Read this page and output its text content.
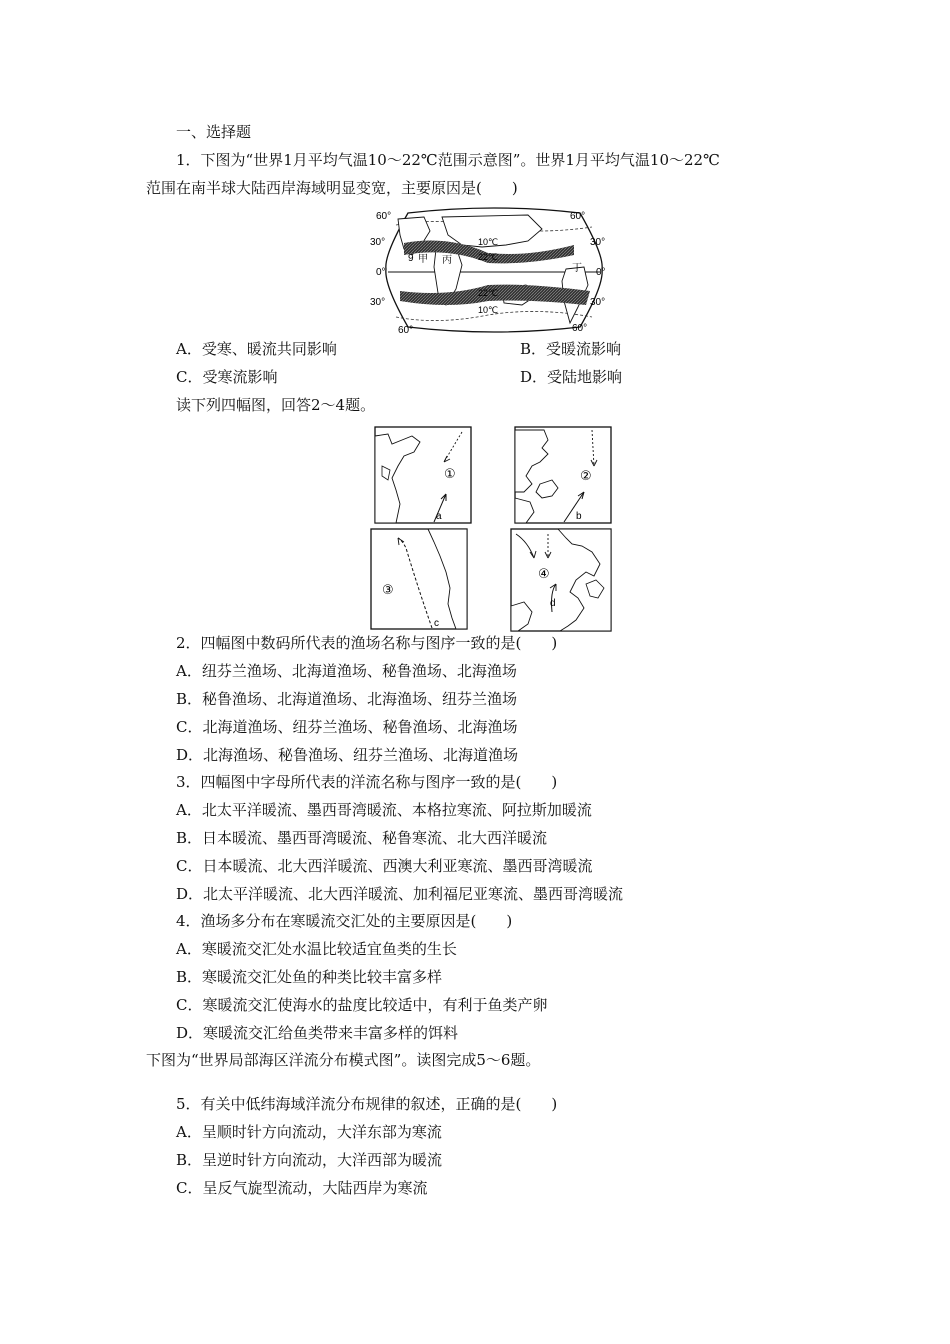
一、选择题
1．下图为“世界1月平均气温10～22℃范围示意图”。世界1月平均气温10～22℃
范围在南半球大陆西岸海域明显变宽，主要原因是(　　)
60°
30°
0°
30°
60°
60°
30°
0°
30°
60°
10℃
22℃
22℃
10℃
9 甲 丙
丁
A．受寒、暖流共同影响	B．受暖流影响
C．受寒流影响	D．受陆地影响
读下列四幅图，回答2～4题。
①
a
②
b
③
c
④
d
2．四幅图中数码所代表的渔场名称与图序一致的是(　　)
A．纽芬兰渔场、北海道渔场、秘鲁渔场、北海渔场
B．秘鲁渔场、北海道渔场、北海渔场、纽芬兰渔场
C．北海道渔场、纽芬兰渔场、秘鲁渔场、北海渔场
D．北海渔场、秘鲁渔场、纽芬兰渔场、北海道渔场
3．四幅图中字母所代表的洋流名称与图序一致的是(　　)
A．北太平洋暖流、墨西哥湾暖流、本格拉寒流、阿拉斯加暖流
B．日本暖流、墨西哥湾暖流、秘鲁寒流、北大西洋暖流
C．日本暖流、北大西洋暖流、西澳大利亚寒流、墨西哥湾暖流
D．北太平洋暖流、北大西洋暖流、加利福尼亚寒流、墨西哥湾暖流
4．渔场多分布在寒暖流交汇处的主要原因是(　　)
A．寒暖流交汇处水温比较适宜鱼类的生长
B．寒暖流交汇处鱼的种类比较丰富多样
C．寒暖流交汇使海水的盐度比较适中，有利于鱼类产卵
D．寒暖流交汇给鱼类带来丰富多样的饵料
下图为“世界局部海区洋流分布模式图”。读图完成5～6题。
5．有关中低纬海域洋流分布规律的叙述，正确的是(　　)
A．呈顺时针方向流动，大洋东部为寒流
B．呈逆时针方向流动，大洋西部为暖流
C．呈反气旋型流动，大陆西岸为寒流
